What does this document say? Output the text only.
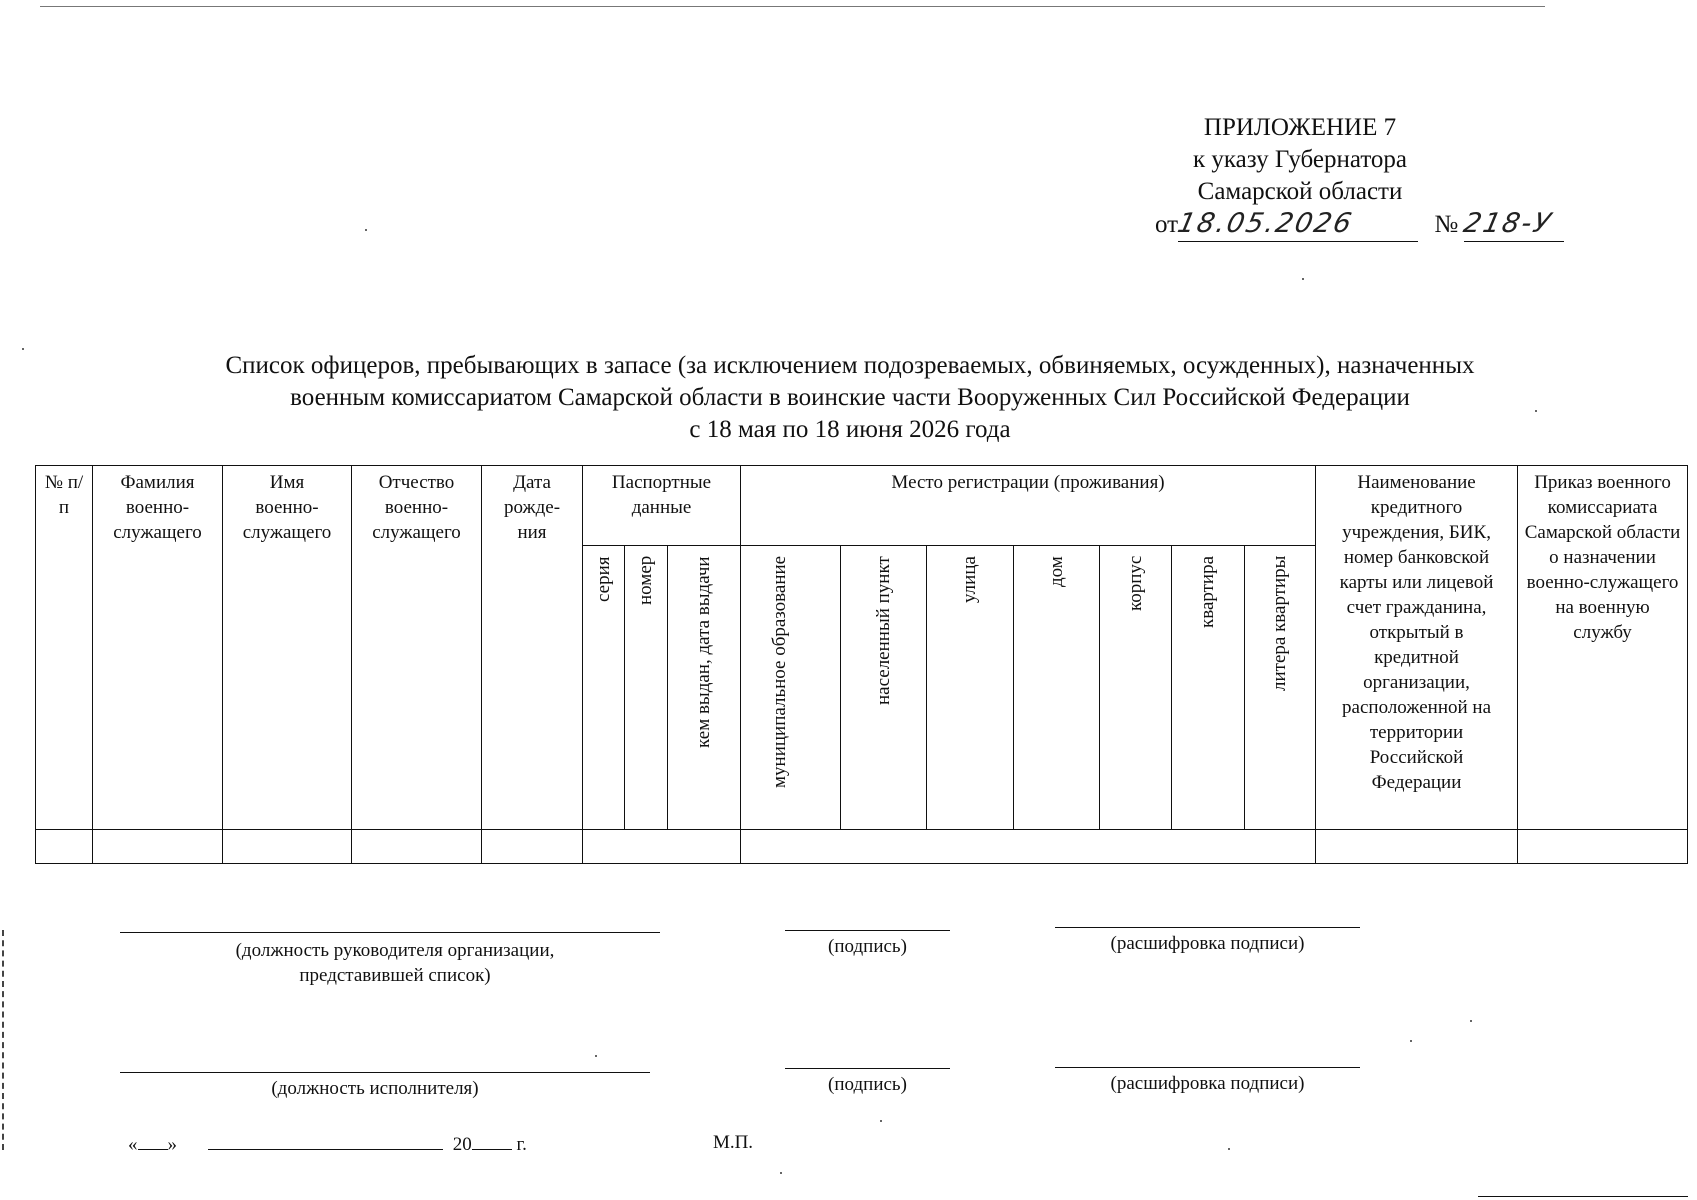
ПРИЛОЖЕНИЕ 7
к указу Губернатора
Самарской области
от18.05.2026	№ 218-У
Список офицеров, пребывающих в запасе (за исключением подозреваемых, обвиняемых, осужденных), назначенных
военным комиссариатом Самарской области в воинские части Вооруженных Сил Российской Федерации
с 18 мая по 18 июня 2026 года
№ п/п	Фамилия военно-служащего	Имя военно-служащего	Отчество военно-служащего	Дата рожде-ния	Паспортные данные			Место регистрации (проживания)							Наименование кредитного учреждения, БИК, номер банковской карты или лицевой счет гражданина, открытый в кредитной организации, расположенной на территории Российской Федерации	Приказ военного комиссариата Самарской области о назначении военно-служащего на военную службу

					серия	номер	кем выдан, дата выдачи	муниципальное образование	населенный пункт	улица	дом	корпус	квартира	литера квартиры		

(должность руководителя организации, представившей список)
(подпись)	(расшифровка подписи)
(должность исполнителя)	(подпись)	(расшифровка подписи)
« »	20 г.	М.П.
